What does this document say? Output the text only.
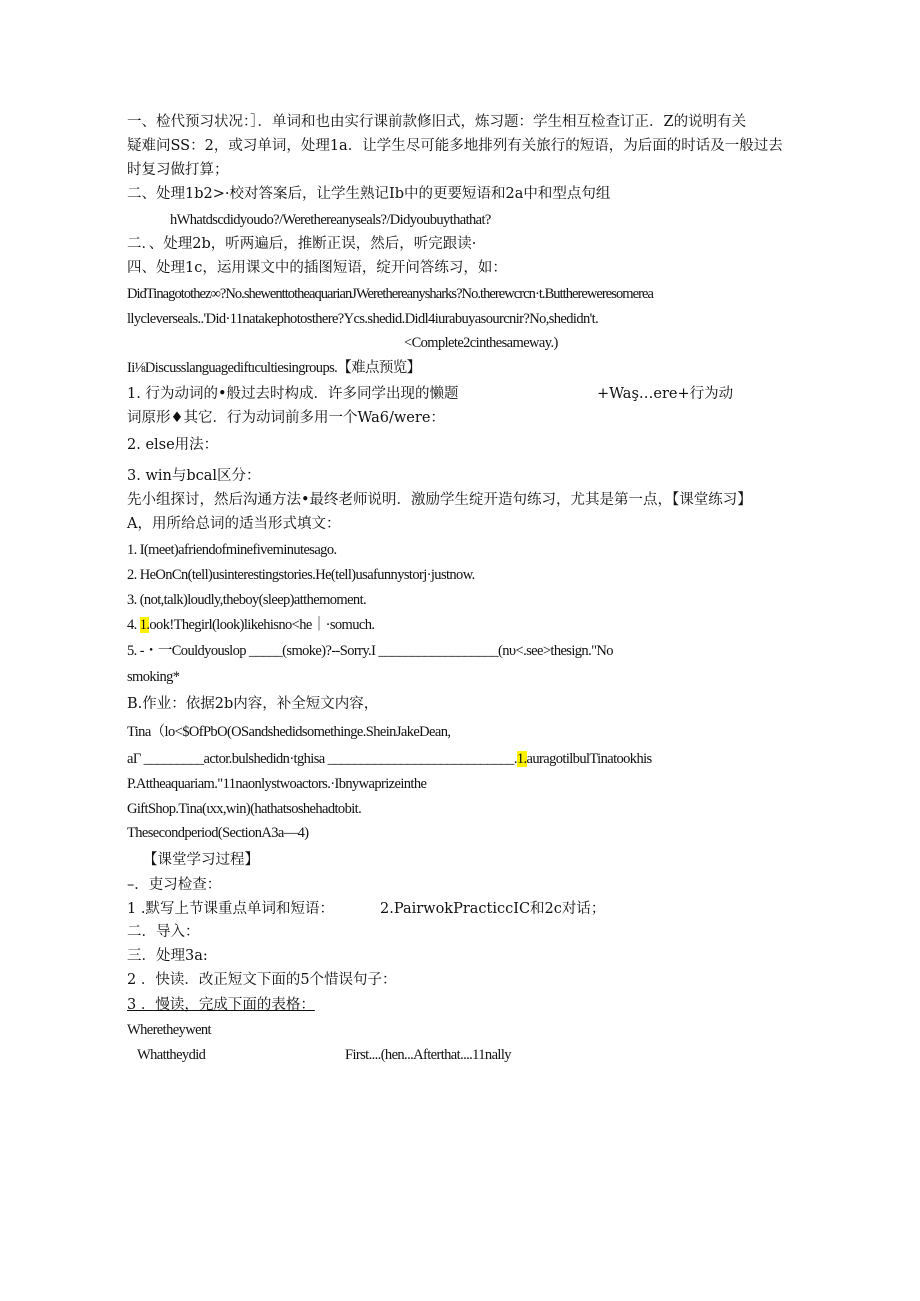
一、检代预习状况：］．单词和也由实行课前款修旧式，炼习题：学生相互检查订正．Z的说明有关
疑难问SS：2，或习单词，处理1a．让学生尽可能多地排列有关旅行的短语，为后面的时话及一般过去
时复习做打算；
二、处理1b2>·校对答案后，让学生熟记Ib中的更要短语和2a中和型点句组
hWhatdscdidyoudo?/Werethereanyseals?/Didyoubuythathat?
二．、处理2b，听两遍后，推断正误，然后，听完跟读·
四、处理1c，运用课文中的插图短语，绽开问答练习，如：
DidTinagotothez∞?No.shewenttotheaquarianJWerethereanysharks?No.therewcrcn·t.Butthereweresomerea
llycleverseals..'Did·11natakephotosthere?Ycs.shedid.Didl4iurabuyasourcnir?No,shedidn't.
<Complete2cinthesameway.)
Ii⅛Discusslanguagediftıcultiesingroups.【难点预览】
1. 行为动词的•般过去时构成．许多同学出现的懒题	+Waş…ere+行为动
词原形♦其它．行为动词前多用一个Wa6/were：
2. else用法：
3. win与bcal区分：
先小组探讨，然后沟通方法•最终老师说明．激励学生绽开造句练习，尤其是第一点，【课堂练习】
A，用所给总词的适当形式填文：
1. I(meet)afriendofminefiveminutesago.
2. HeOnCn(tell)usinterestingstories.He(tell)usafunnystorj·justnow.
3. (not,talk)loudly,theboy(sleep)atthemoment.
4. 1.ook!Thegirl(look)likehisno<he｜·somuch.
5. -・一Couldyouslop _____(smoke)?--Sorry.I __________________(nυ<.see>thesign."No
smoking*
B.作业：依据2b内容，补全短文内容，
Tina（lo<$OfPbO(OSandshedidsomethinge.SheinJakeDean,
aΓ _________actor.bulshedidn·tghisa ____________________________.1.auragotilbulTinatookhis
P.Attheaquariam."11naonlystwoactors.·Ibnywaprizeinthe
GiftShop.Tina(ιxx,win)(hathatsoshehadtobit.
Thesecondperiod(SectionA3a—4)
【课堂学习过程】
–．吏习检查：
1 .默写上节课重点单词和短语：	2.PairwokPracticcIC和2c对话；
二．导入：
三．处理3a:
2 ．快读．改正短文下面的5个惜误句子：
3 ．慢读，完成下面的表格：
Wheretheywent
Whattheydid	First....(hen...Afterthat....11nally
